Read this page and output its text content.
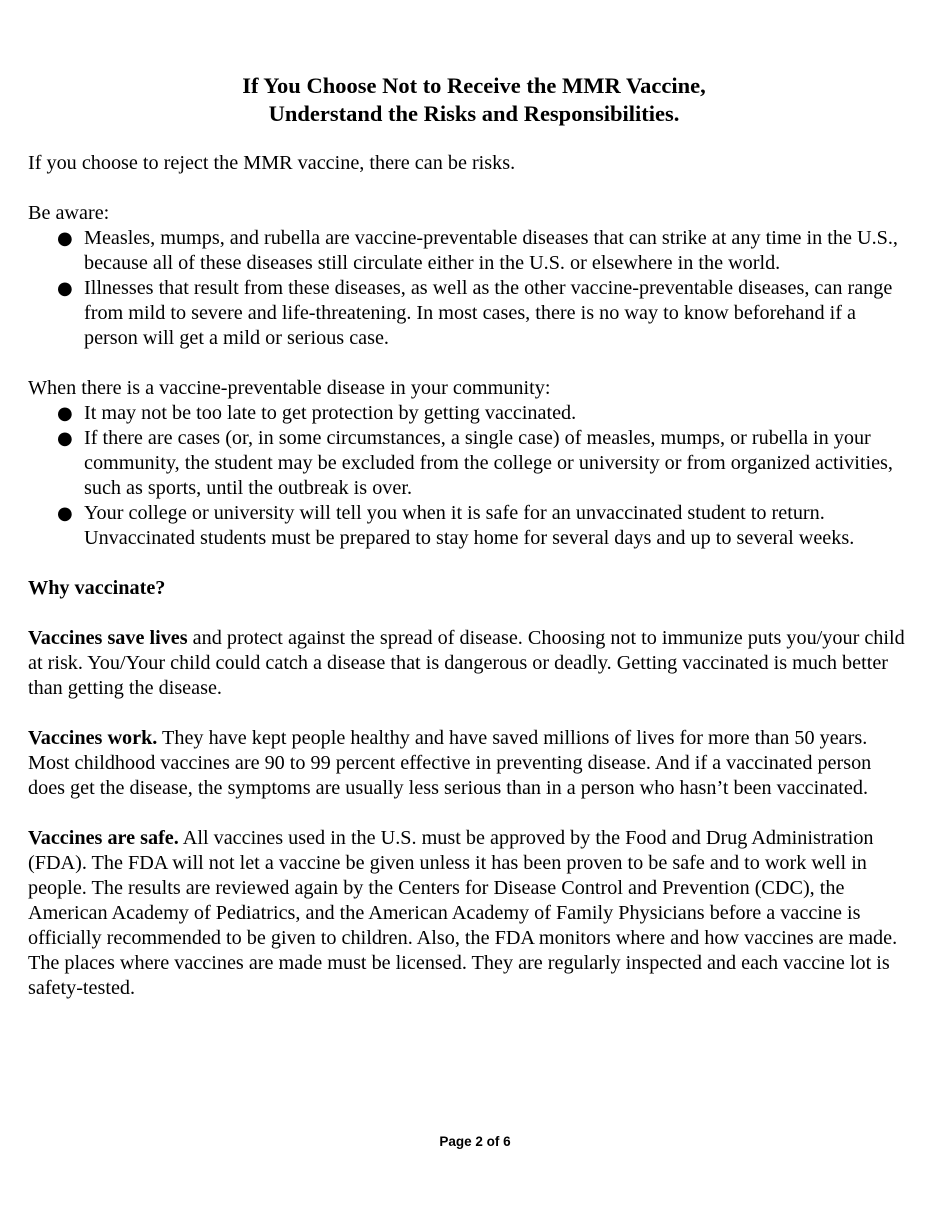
If You Choose Not to Receive the MMR Vaccine,
Understand the Risks and Responsibilities.

If you choose to reject the MMR vaccine, there can be risks.

Be aware:

● Measles, mumps, and rubella are vaccine-preventable diseases that can strike at any time in the U.S., because all of these diseases still circulate either in the U.S. or elsewhere in the world.
● Illnesses that result from these diseases, as well as the other vaccine-preventable diseases, can range from mild to severe and life-threatening. In most cases, there is no way to know beforehand if a person will get a mild or serious case.

When there is a vaccine-preventable disease in your community:

● It may not be too late to get protection by getting vaccinated.
● If there are cases (or, in some circumstances, a single case) of measles, mumps, or rubella in your community, the student may be excluded from the college or university or from organized activities, such as sports, until the outbreak is over.
● Your college or university will tell you when it is safe for an unvaccinated student to return. Unvaccinated students must be prepared to stay home for several days and up to several weeks.

Why vaccinate?

Vaccines save lives and protect against the spread of disease. Choosing not to immunize puts you/your child at risk. You/Your child could catch a disease that is dangerous or deadly. Getting vaccinated is much better than getting the disease.

Vaccines work. They have kept people healthy and have saved millions of lives for more than 50 years. Most childhood vaccines are 90 to 99 percent effective in preventing disease. And if a vaccinated person does get the disease, the symptoms are usually less serious than in a person who hasn’t been vaccinated.

Vaccines are safe. All vaccines used in the U.S. must be approved by the Food and Drug Administration (FDA). The FDA will not let a vaccine be given unless it has been proven to be safe and to work well in people. The results are reviewed again by the Centers for Disease Control and Prevention (CDC), the American Academy of Pediatrics, and the American Academy of Family Physicians before a vaccine is officially recommended to be given to children. Also, the FDA monitors where and how vaccines are made. The places where vaccines are made must be licensed. They are regularly inspected and each vaccine lot is safety-tested.

Page 2 of 6
